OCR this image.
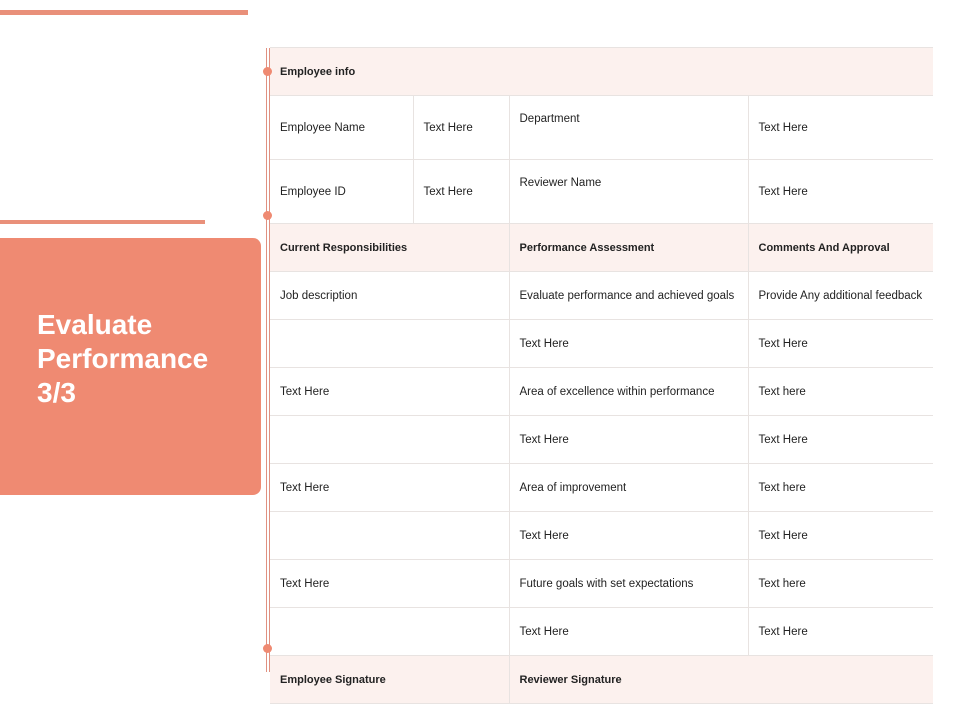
Evaluate Performance 3/3
Employee info			
Employee Name	Text Here	Department	Text Here
Employee ID	Text Here	Reviewer Name	Text Here
Current Responsibilities		Performance Assessment	Comments And Approval
Job description		Evaluate performance and achieved goals	Provide Any additional feedback
		Text Here	Text Here
Text Here		Area of excellence within performance	Text here
		Text Here	Text Here
Text Here		Area of improvement	Text here
		Text Here	Text Here
Text Here		Future goals with set expectations	Text here
		Text Here	Text Here
Employee Signature		Reviewer Signature	
